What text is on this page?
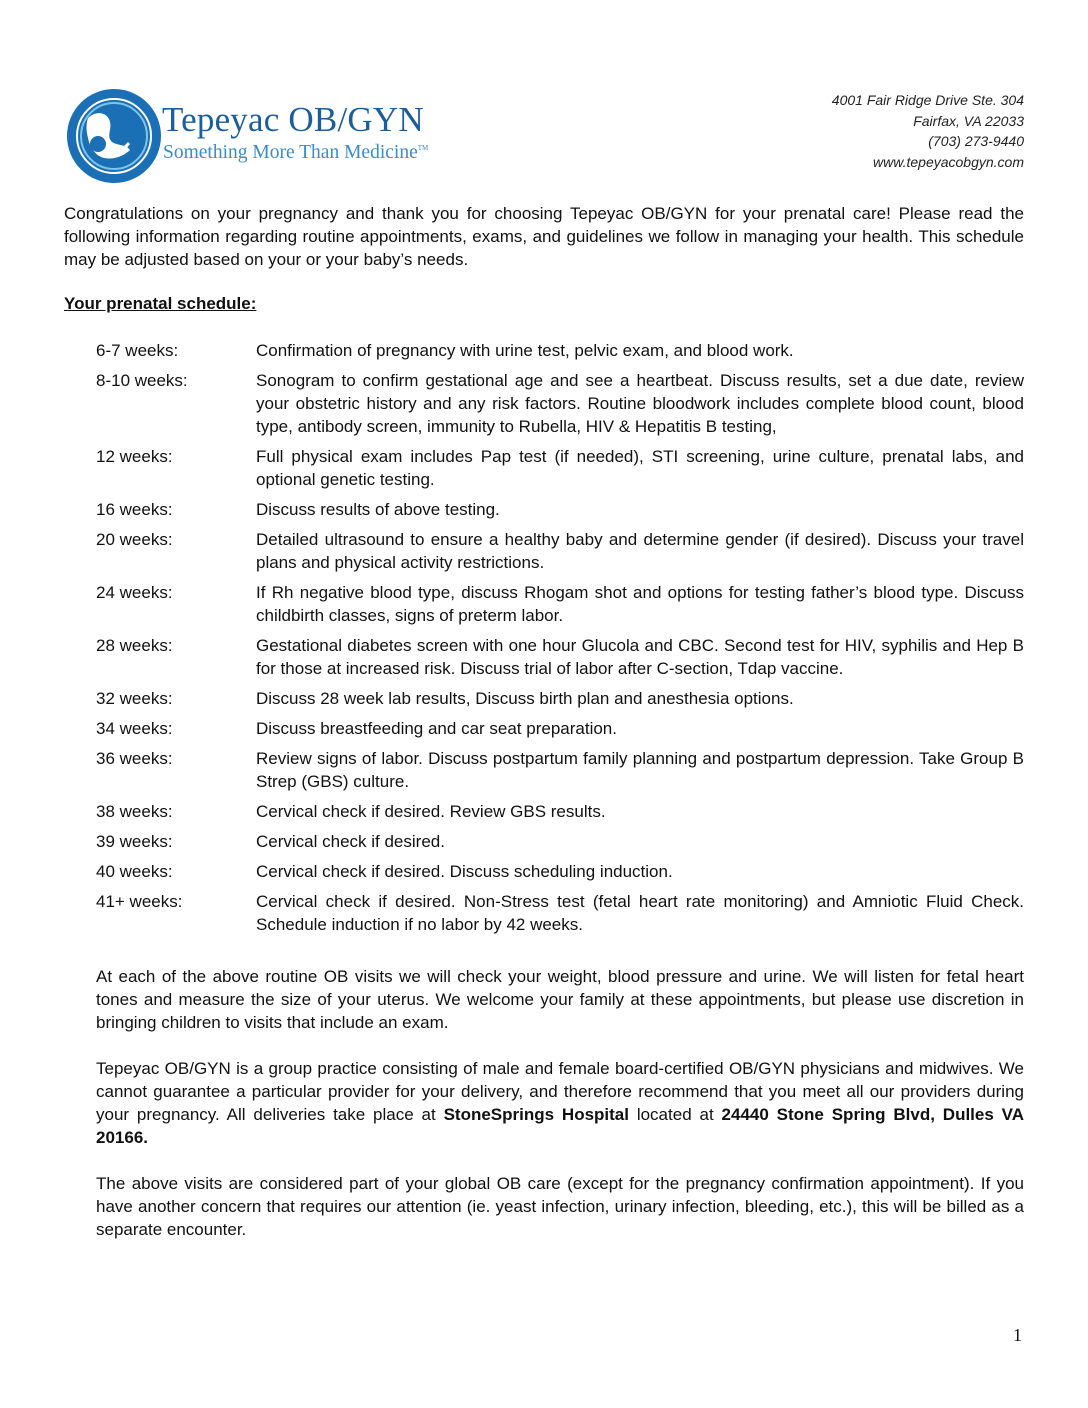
Tepeyac OB/GYN
Something More Than Medicine™
4001 Fair Ridge Drive Ste. 304
Fairfax, VA 22033
(703) 273-9440
www.tepeyacobgyn.com
Congratulations on your pregnancy and thank you for choosing Tepeyac OB/GYN for your prenatal care! Please read the following information regarding routine appointments, exams, and guidelines we follow in managing your health. This schedule may be adjusted based on your or your baby’s needs.
Your prenatal schedule:
6-7 weeks:	Confirmation of pregnancy with urine test, pelvic exam, and blood work.
8-10 weeks:	Sonogram to confirm gestational age and see a heartbeat. Discuss results, set a due date, review your obstetric history and any risk factors. Routine bloodwork includes complete blood count, blood type, antibody screen, immunity to Rubella, HIV & Hepatitis B testing,
12 weeks:	Full physical exam includes Pap test (if needed), STI screening, urine culture, prenatal labs, and optional genetic testing.
16 weeks:	Discuss results of above testing.
20 weeks:	Detailed ultrasound to ensure a healthy baby and determine gender (if desired). Discuss your travel plans and physical activity restrictions.
24 weeks:	If Rh negative blood type, discuss Rhogam shot and options for testing father’s blood type. Discuss childbirth classes, signs of preterm labor.
28 weeks:	Gestational diabetes screen with one hour Glucola and CBC. Second test for HIV, syphilis and Hep B for those at increased risk. Discuss trial of labor after C-section, Tdap vaccine.
32 weeks:	Discuss 28 week lab results, Discuss birth plan and anesthesia options.
34 weeks:	Discuss breastfeeding and car seat preparation.
36 weeks:	Review signs of labor. Discuss postpartum family planning and postpartum depression. Take Group B Strep (GBS) culture.
38 weeks:	Cervical check if desired. Review GBS results.
39 weeks:	Cervical check if desired.
40 weeks:	Cervical check if desired. Discuss scheduling induction.
41+ weeks:	Cervical check if desired. Non-Stress test (fetal heart rate monitoring) and Amniotic Fluid Check. Schedule induction if no labor by 42 weeks.
At each of the above routine OB visits we will check your weight, blood pressure and urine. We will listen for fetal heart tones and measure the size of your uterus. We welcome your family at these appointments, but please use discretion in bringing children to visits that include an exam.
Tepeyac OB/GYN is a group practice consisting of male and female board-certified OB/GYN physicians and midwives. We cannot guarantee a particular provider for your delivery, and therefore recommend that you meet all our providers during your pregnancy. All deliveries take place at StoneSprings Hospital located at 24440 Stone Spring Blvd, Dulles VA 20166.
The above visits are considered part of your global OB care (except for the pregnancy confirmation appointment). If you have another concern that requires our attention (ie. yeast infection, urinary infection, bleeding, etc.), this will be billed as a separate encounter.
1
